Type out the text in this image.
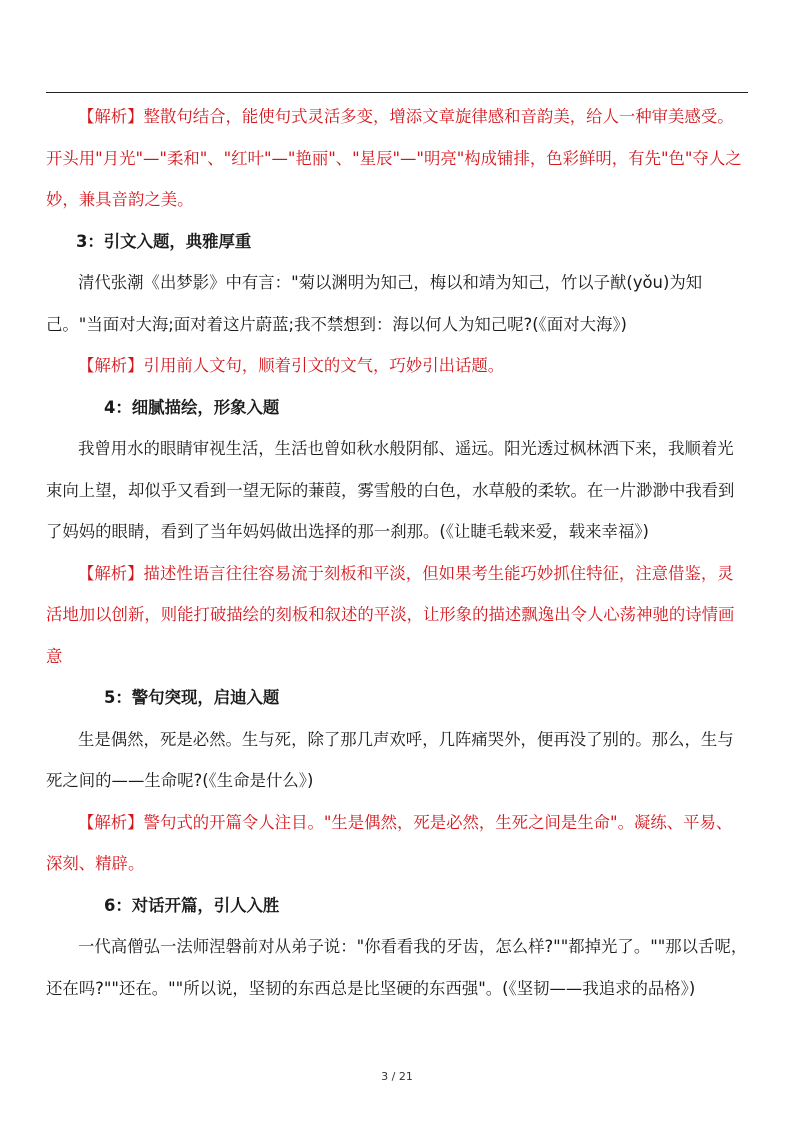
【解析】整散句结合，能使句式灵活多变，增添文章旋律感和音韵美，给人一种审美感受。开头用"月光"—"柔和"、"红叶"—"艳丽"、"星辰"—"明亮"构成铺排，色彩鲜明，有先"色"夺人之妙，兼具音韵之美。

3：引文入题，典雅厚重

清代张潮《出梦影》中有言："菊以渊明为知己，梅以和靖为知己，竹以子猷(yǒu)为知己。"当面对大海;面对着这片蔚蓝;我不禁想到：海以何人为知己呢?(《面对大海》)

【解析】引用前人文句，顺着引文的文气，巧妙引出话题。

4：细腻描绘，形象入题

我曾用水的眼睛审视生活，生活也曾如秋水般阴郁、遥远。阳光透过枫林洒下来，我顺着光束向上望，却似乎又看到一望无际的蒹葭，雾雪般的白色，水草般的柔软。在一片渺渺中我看到了妈妈的眼睛，看到了当年妈妈做出选择的那一刹那。(《让睫毛载来爱，载来幸福》)

【解析】描述性语言往往容易流于刻板和平淡，但如果考生能巧妙抓住特征，注意借鉴，灵活地加以创新，则能打破描绘的刻板和叙述的平淡，让形象的描述飘逸出令人心荡神驰的诗情画意

5：警句突现，启迪入题

生是偶然，死是必然。生与死，除了那几声欢呼，几阵痛哭外，便再没了别的。那么，生与死之间的——生命呢?(《生命是什么》)

【解析】警句式的开篇令人注目。"生是偶然，死是必然，生死之间是生命"。凝练、平易、深刻、精辟。

6：对话开篇，引人入胜

一代高僧弘一法师涅磐前对从弟子说："你看看我的牙齿，怎么样?""都掉光了。""那以舌呢，还在吗?""还在。""所以说，坚韧的东西总是比坚硬的东西强"。(《坚韧——我追求的品格》)

3 / 21
